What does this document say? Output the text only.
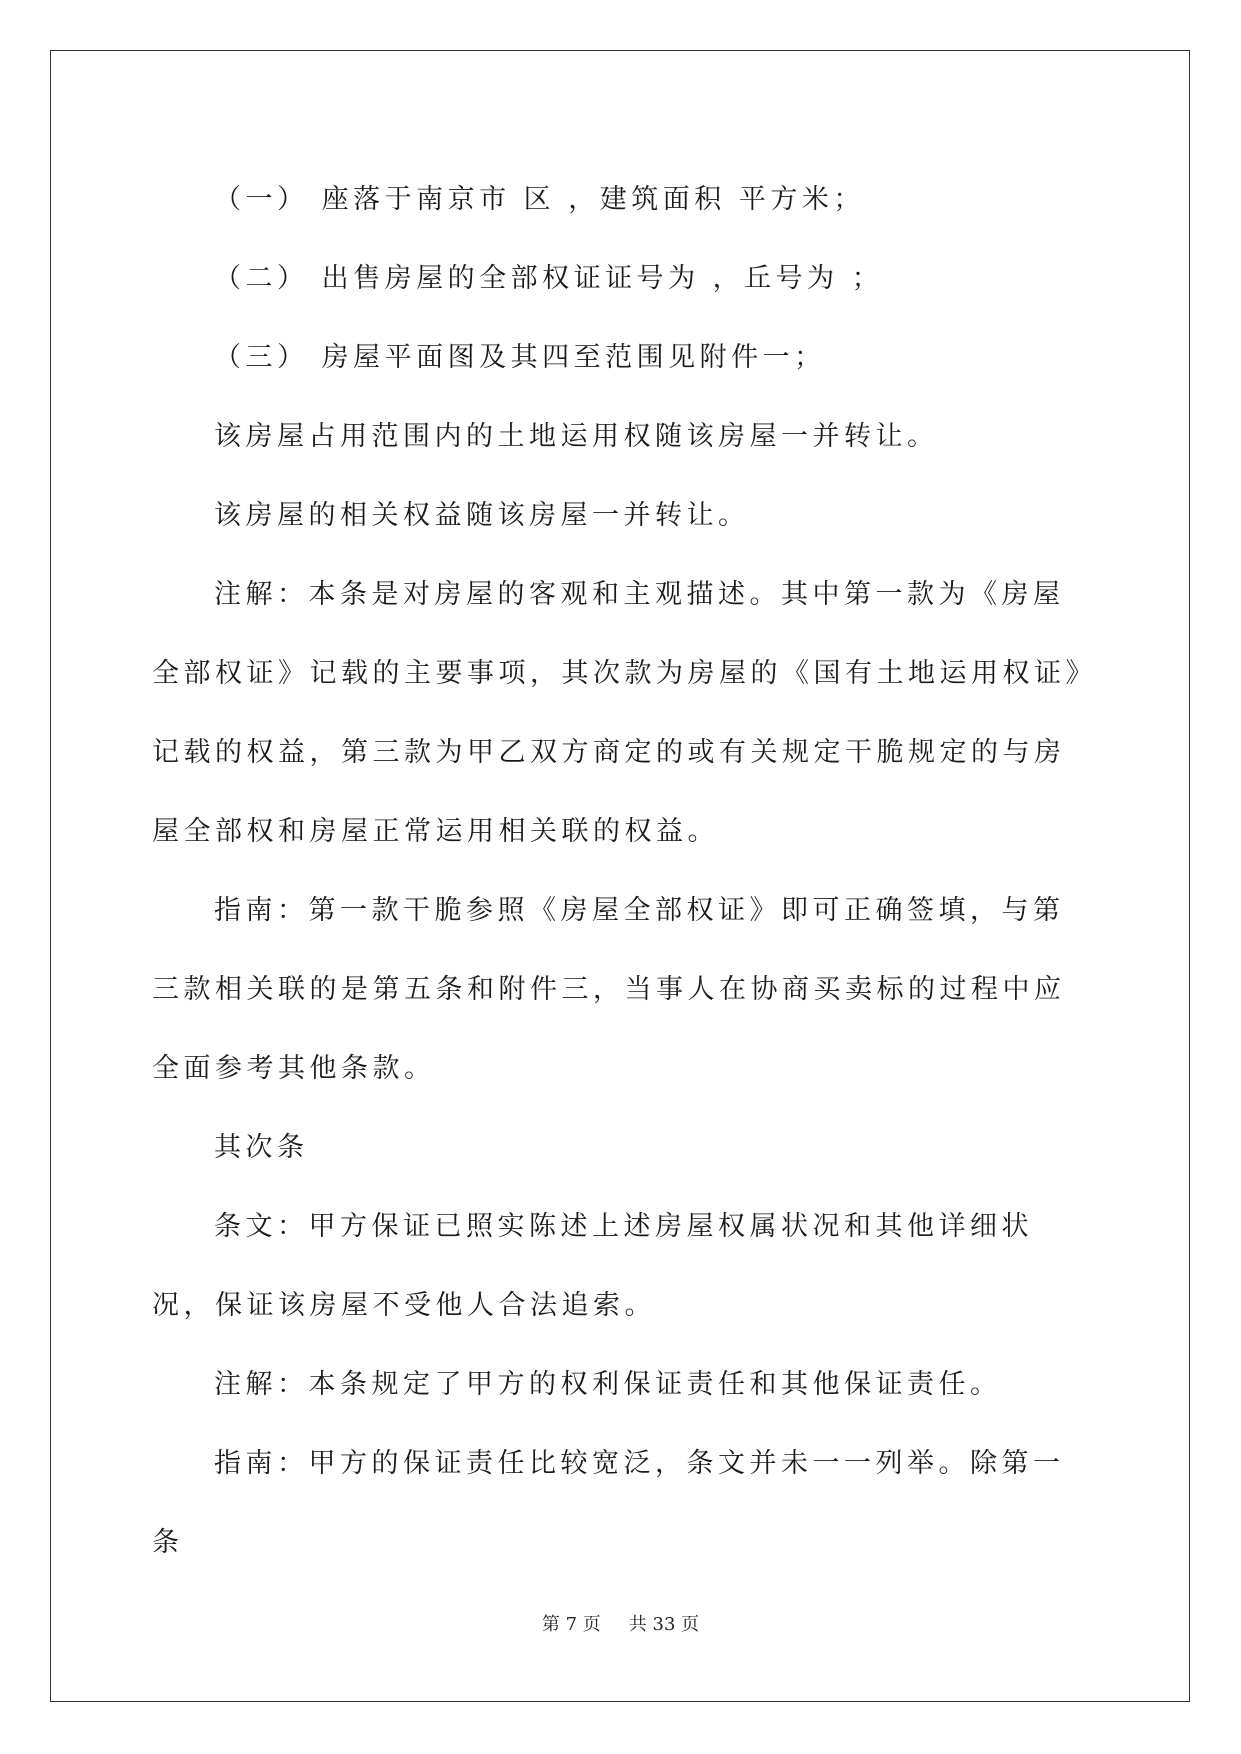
（一） 座落于南京市 区 ，建筑面积 平方米；

（二） 出售房屋的全部权证证号为 ，丘号为 ；

（三） 房屋平面图及其四至范围见附件一；

该房屋占用范围内的土地运用权随该房屋一并转让。

该房屋的相关权益随该房屋一并转让。

注解：本条是对房屋的客观和主观描述。其中第一款为《房屋全部权证》记载的主要事项，其次款为房屋的《国有土地运用权证》记载的权益，第三款为甲乙双方商定的或有关规定干脆规定的与房屋全部权和房屋正常运用相关联的权益。

指南：第一款干脆参照《房屋全部权证》即可正确签填，与第三款相关联的是第五条和附件三，当事人在协商买卖标的过程中应全面参考其他条款。

其次条

条文：甲方保证已照实陈述上述房屋权属状况和其他详细状况，保证该房屋不受他人合法追索。

注解：本条规定了甲方的权利保证责任和其他保证责任。

指南：甲方的保证责任比较宽泛，条文并未一一列举。除第一条

第 7 页 共 33 页
